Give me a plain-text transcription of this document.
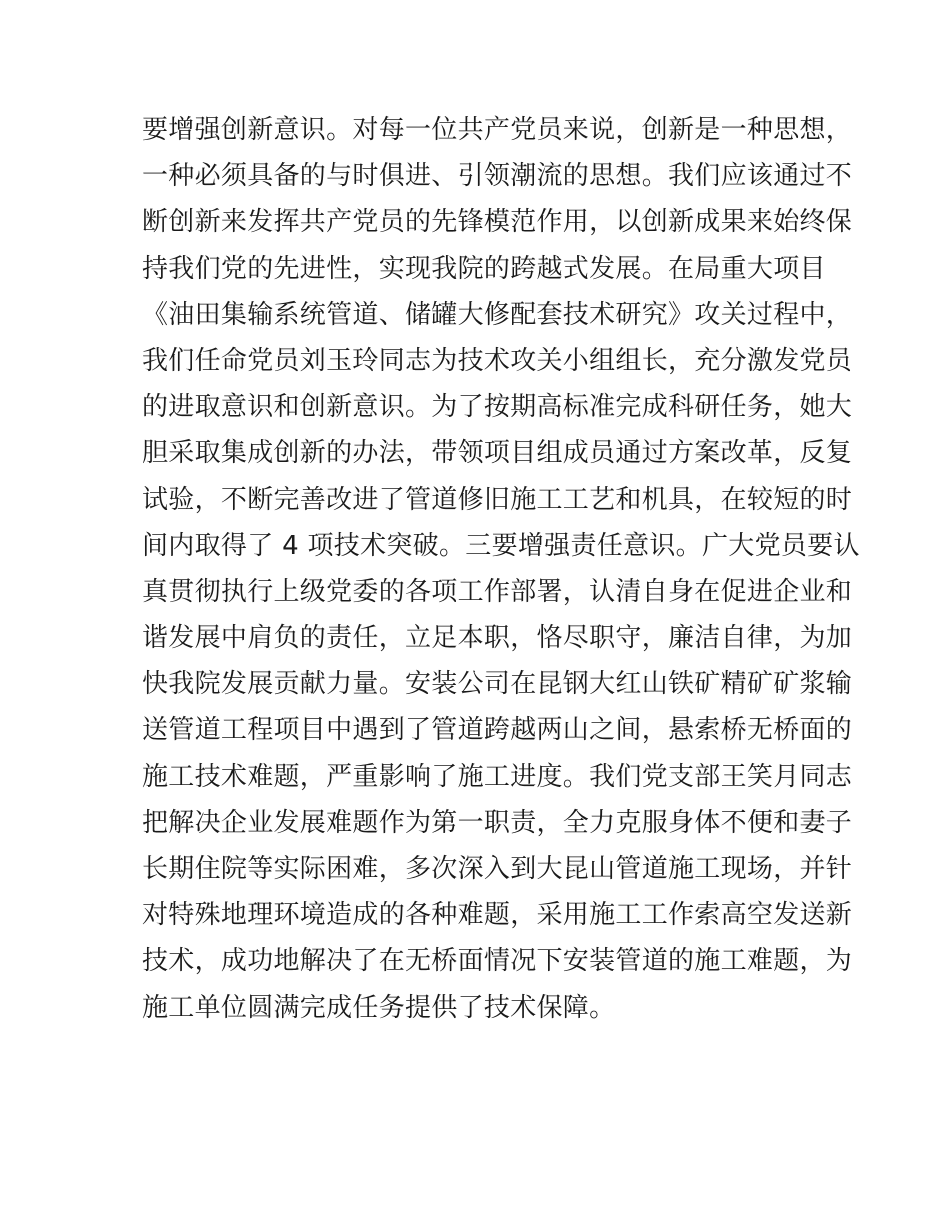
要增强创新意识。对每一位共产党员来说，创新是一种思想，
一种必须具备的与时俱进、引领潮流的思想。我们应该通过不
断创新来发挥共产党员的先锋模范作用，以创新成果来始终保
持我们党的先进性，实现我院的跨越式发展。在局重大项目
《油田集输系统管道、储罐大修配套技术研究》攻关过程中，
我们任命党员刘玉玲同志为技术攻关小组组长，充分激发党员
的进取意识和创新意识。为了按期高标准完成科研任务，她大
胆采取集成创新的办法，带领项目组成员通过方案改革，反复
试验，不断完善改进了管道修旧施工工艺和机具，在较短的时
间内取得了 4 项技术突破。三要增强责任意识。广大党员要认
真贯彻执行上级党委的各项工作部署，认清自身在促进企业和
谐发展中肩负的责任，立足本职，恪尽职守，廉洁自律，为加
快我院发展贡献力量。安装公司在昆钢大红山铁矿精矿矿浆输
送管道工程项目中遇到了管道跨越两山之间，悬索桥无桥面的
施工技术难题，严重影响了施工进度。我们党支部王笑月同志
把解决企业发展难题作为第一职责，全力克服身体不便和妻子
长期住院等实际困难，多次深入到大昆山管道施工现场，并针
对特殊地理环境造成的各种难题，采用施工工作索高空发送新
技术，成功地解决了在无桥面情况下安装管道的施工难题，为
施工单位圆满完成任务提供了技术保障。
